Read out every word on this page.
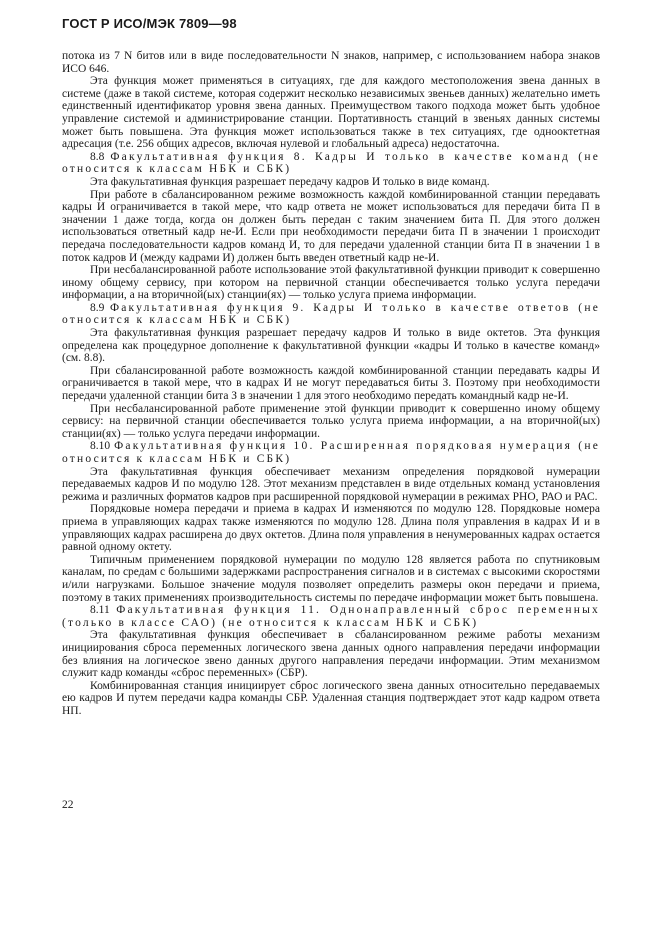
ГОСТ Р ИСО/МЭК 7809—98

потока из 7 N битов или в виде последовательности N знаков, например, с использованием набора знаков ИСО 646.

Эта функция может применяться в ситуациях, где для каждого местоположения звена данных в системе (даже в такой системе, которая содержит несколько независимых звеньев данных) желательно иметь единственный идентификатор уровня звена данных. Преимуществом такого подхода может быть удобное управление системой и администрирование станции. Портативность станций в звеньях данных системы может быть повышена. Эта функция может использоваться также в тех ситуациях, где однооктетная адресация (т.е. 256 общих адресов, включая нулевой и глобальный адреса) недостаточна.

8.8 Факультативная функция 8. Кадры И только в качестве команд (не относится к классам НБК и СБК)

Эта факультативная функция разрешает передачу кадров И только в виде команд.

При работе в сбалансированном режиме возможность каждой комбинированной станции передавать кадры И ограничивается в такой мере, что кадр ответа не может использоваться для передачи бита П в значении 1 даже тогда, когда он должен быть передан с таким значением бита П. Для этого должен использоваться ответный кадр не-И. Если при необходимости передачи бита П в значении 1 происходит передача последовательности кадров команд И, то для передачи удаленной станции бита П в значении 1 в поток кадров И (между кадрами И) должен быть введен ответный кадр не-И.

При несбалансированной работе использование этой факультативной функции приводит к совершенно иному общему сервису, при котором на первичной станции обеспечивается только услуга передачи информации, а на вторичной(ых) станции(ях) — только услуга приема информации.

8.9 Факультативная функция 9. Кадры И только в качестве ответов (не относится к классам НБК и СБК)

Эта факультативная функция разрешает передачу кадров И только в виде октетов. Эта функция определена как процедурное дополнение к факультативной функции «кадры И только в качестве команд» (см. 8.8).

При сбалансированной работе возможность каждой комбинированной станции передавать кадры И ограничивается в такой мере, что в кадрах И не могут передаваться биты З. Поэтому при необходимости передачи удаленной станции бита З в значении 1 для этого необходимо передать командный кадр не-И.

При несбалансированной работе применение этой функции приводит к совершенно иному общему сервису: на первичной станции обеспечивается только услуга приема информации, а на вторичной(ых) станции(ях) — только услуга передачи информации.

8.10 Факультативная функция 10. Расширенная порядковая нумерация (не относится к классам НБК и СБК)

Эта факультативная функция обеспечивает механизм определения порядковой нумерации передаваемых кадров И по модулю 128. Этот механизм представлен в виде отдельных команд установления режима и различных форматов кадров при расширенной порядковой нумерации в режимах РНО, РАО и РАС.

Порядковые номера передачи и приема в кадрах И изменяются по модулю 128. Порядковые номера приема в управляющих кадрах также изменяются по модулю 128. Длина поля управления в кадрах И и в управляющих кадрах расширена до двух октетов. Длина поля управления в ненумерованных кадрах остается равной одному октету.

Типичным применением порядковой нумерации по модулю 128 является работа по спутниковым каналам, по средам с большими задержками распространения сигналов и в системах с высокими скоростями и/или нагрузками. Большое значение модуля позволяет определить размеры окон передачи и приема, поэтому в таких применениях производительность системы по передаче информации может быть повышена.

8.11 Факультативная функция 11. Однонаправленный сброс переменных (только в классе САО) (не относится к классам НБК и СБК)

Эта факультативная функция обеспечивает в сбалансированном режиме работы механизм инициирования сброса переменных логического звена данных одного направления передачи информации без влияния на логическое звено данных другого направления передачи информации. Этим механизмом служит кадр команды «сброс переменных» (СБР).

Комбинированная станция инициирует сброс логического звена данных относительно передаваемых ею кадров И путем передачи кадра команды СБР. Удаленная станция подтверждает этот кадр кадром ответа НП.

22
